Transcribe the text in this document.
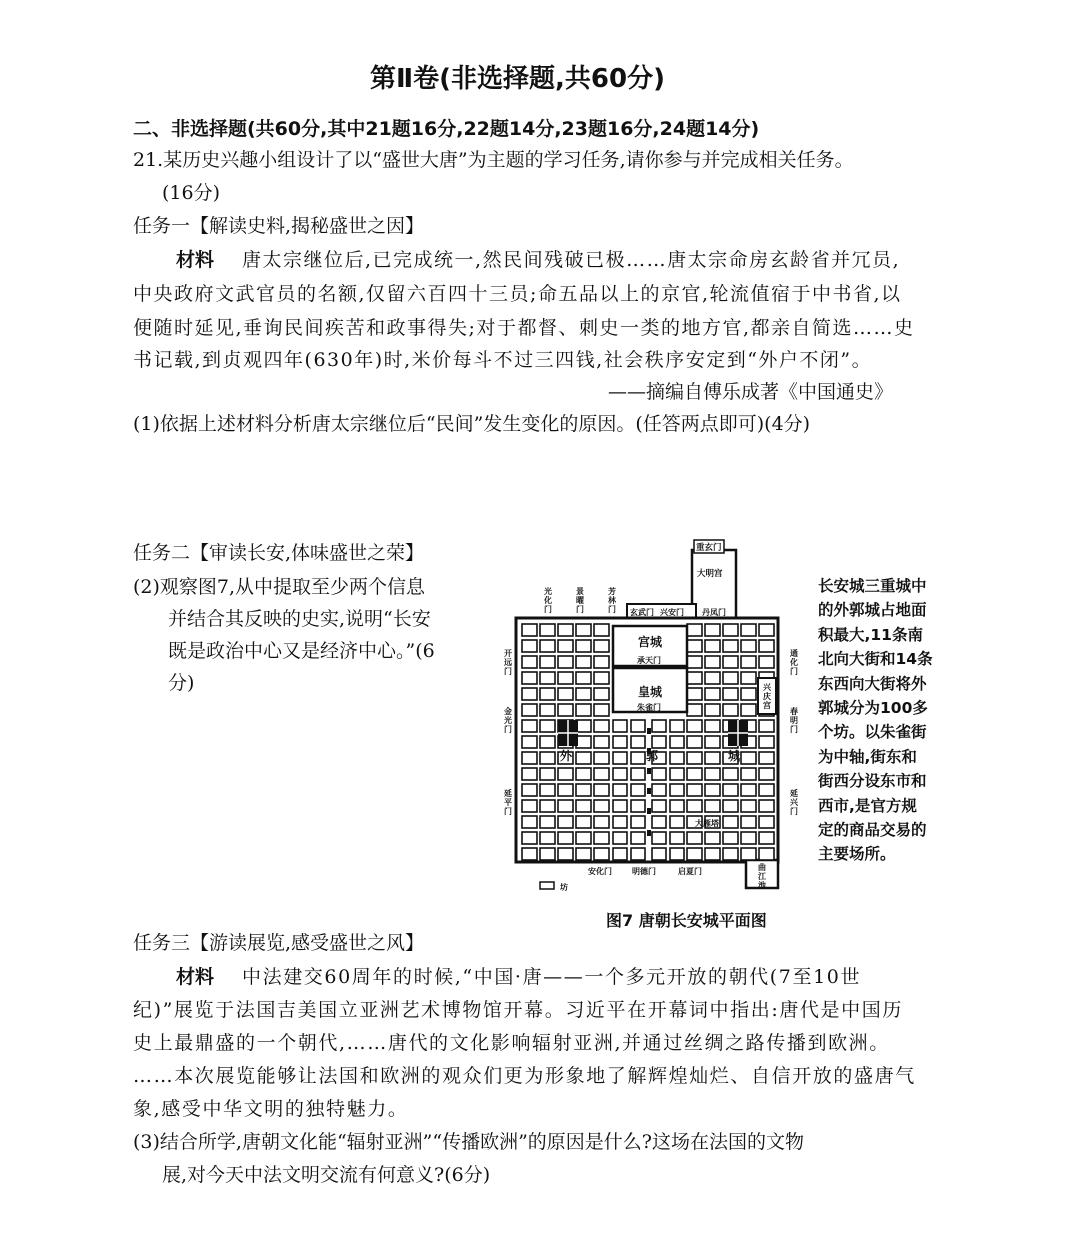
第Ⅱ卷(非选择题,共60分)
二、非选择题(共60分,其中21题16分,22题14分,23题16分,24题14分)
21.某历史兴趣小组设计了以“盛世大唐”为主题的学习任务,请你参与并完成相关任务。
(16分)
任务一【解读史料,揭秘盛世之因】
材料 唐太宗继位后,已完成统一,然民间残破已极……唐太宗命房玄龄省并冗员,
中央政府文武官员的名额,仅留六百四十三员;命五品以上的京官,轮流值宿于中书省,以
便随时延见,垂询民间疾苦和政事得失;对于都督、刺史一类的地方官,都亲自简选……史
书记载,到贞观四年(630年)时,米价每斗不过三四钱,社会秩序安定到“外户不闭”。
——摘编自傅乐成著《中国通史》
(1)依据上述材料分析唐太宗继位后“民间”发生变化的原因。(任答两点即可)(4分)
任务二【审读长安,体味盛世之荣】
(2)观察图7,从中提取至少两个信息
并结合其反映的史实,说明“长安
既是政治中心又是经济中心。”(6
分)
长安城三重城中
的外郭城占地面
积最大,11条南
北向大街和14条
东西向大街将外
郭城分为100多
个坊。以朱雀街
为中轴,街东和
街西分设东市和
西市,是官方规
定的商品交易的
主要场所。
重玄门
大明宫
玄武门 兴安门 丹凤门
宫城
承天门
皇城
朱雀门
外	郭	城
大雁塔
安化门	明德门	启夏门
坊
光化门
景曜门
芳林门
开远门
金光门
延平门
通化门
春明门
延兴门
兴庆宫
曲江池
图7 唐朝长安城平面图
任务三【游读展览,感受盛世之风】
材料 中法建交60周年的时候,“中国·唐——一个多元开放的朝代(7至10世
纪)”展览于法国吉美国立亚洲艺术博物馆开幕。习近平在开幕词中指出:唐代是中国历
史上最鼎盛的一个朝代,……唐代的文化影响辐射亚洲,并通过丝绸之路传播到欧洲。
……本次展览能够让法国和欧洲的观众们更为形象地了解辉煌灿烂、自信开放的盛唐气
象,感受中华文明的独特魅力。
(3)结合所学,唐朝文化能“辐射亚洲”“传播欧洲”的原因是什么?这场在法国的文物
展,对今天中法文明交流有何意义?(6分)
